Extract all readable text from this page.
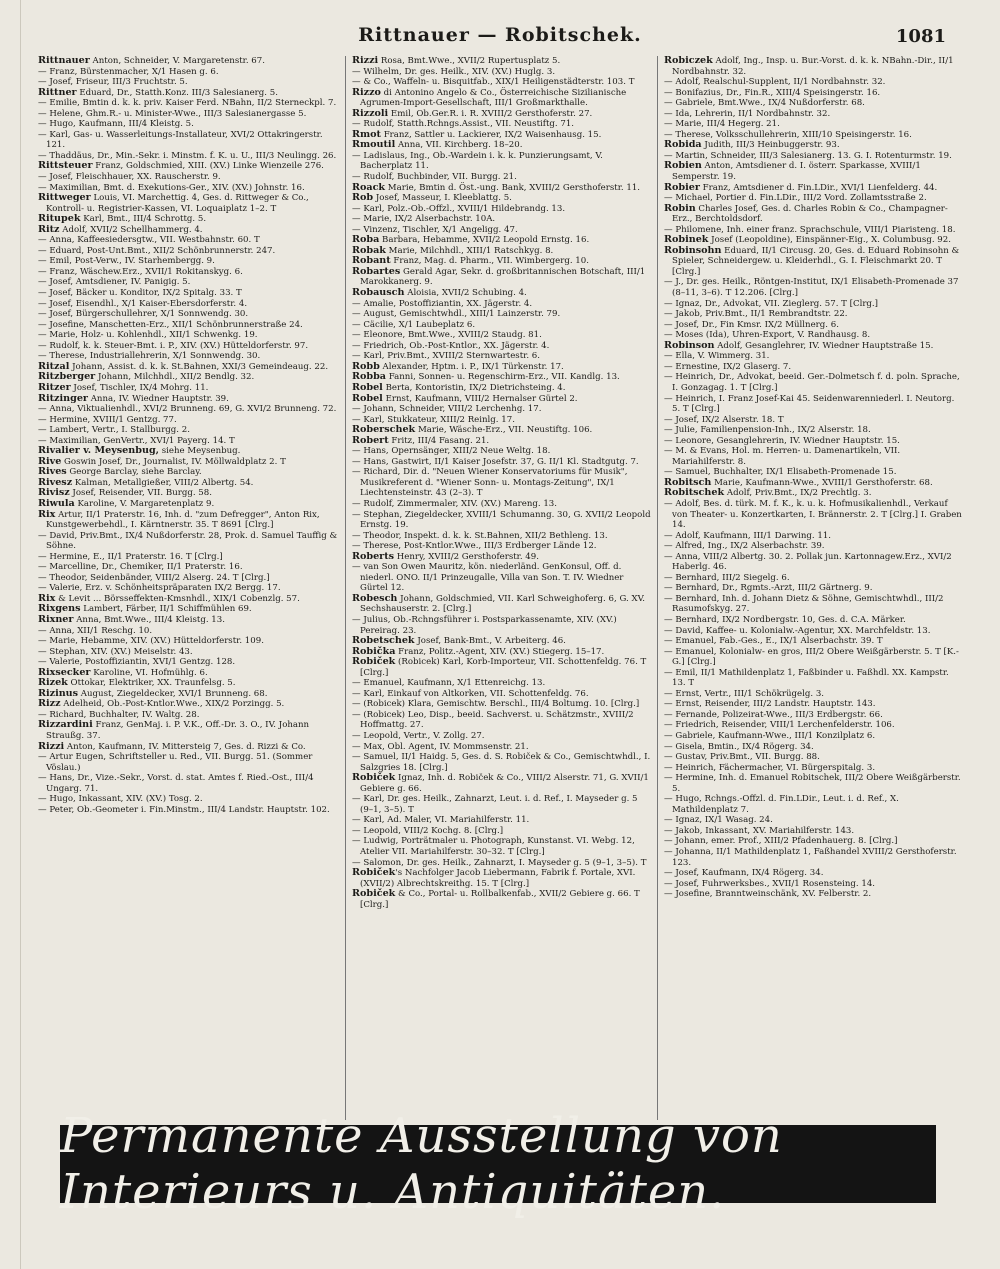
Rittnauer — Robitschek.	1081
Rittnauer Anton, Schneider, V. Margaretenstr. 67.
— Franz, Bürstenmacher, X/1 Hasen g. 6.
— Josef, Friseur, III/3 Fruchtstr. 5.
Rittner Eduard, Dr., Statth.Konz. III/3 Salesianerg. 5.
— Emilie, Bmtin d. k. k. priv. Kaiser Ferd. NBahn, II/2 Sterneckpl. 7.
— Helene, Ghm.R.- u. Minister-Wwe., III/3 Salesianergasse 5.
— Hugo, Kaufmann, III/4 Kleistg. 5.
— Karl, Gas- u. Wasserleitungs-Installateur, XVI/2 Ottakringerstr. 121.
— Thaddäus, Dr., Min.-Sekr. i. Minstm. f. K. u. U., III/3 Neulingg. 26.
Rittsteuer Franz, Goldschmied, XIII. (XV.) Linke Wienzeile 276.
— Josef, Fleischhauer, XX. Rauscherstr. 9.
— Maximilian, Bmt. d. Exekutions-Ger., XIV. (XV.) Johnstr. 16.
Rittweger Louis, VI. Marchettig. 4, Ges. d. Rittweger & Co., Kontroll- u. Registrier-Kassen, VI. Loquaiplatz 1–2. T
Ritupek Karl, Bmt., III/4 Schrottg. 5.
Ritz Adolf, XVII/2 Schellhammerg. 4.
— Anna, Kaffeesiedersgtw., VII. Westbahnstr. 60. T
— Eduard, Post-Unt.Bmt., XII/2 Schönbrunnerstr. 247.
— Emil, Post-Verw., IV. Starhembergg. 9.
— Franz, Wäschew.Erz., XVII/1 Rokitanskyg. 6.
— Josef, Amtsdiener, IV. Panigig. 5.
— Josef, Bäcker u. Konditor, IX/2 Spitalg. 33. T
— Josef, Eisendhl., X/1 Kaiser-Ebersdorferstr. 4.
— Josef, Bürgerschullehrer, X/1 Sonnwendg. 30.
— Josefine, Manschetten-Erz., XII/1 Schönbrunnerstraße 24.
— Marie, Holz- u. Kohlenhdl., XII/1 Schwenkg. 19.
— Rudolf, k. k. Steuer-Bmt. i. P., XIV. (XV.) Hütteldorferstr. 97.
— Therese, Industriallehrerin, X/1 Sonnwendg. 30.
Ritzal Johann, Assist. d. k. k. St.Bahnen, XXI/3 Gemeindeaug. 22.
Ritzberger Johann, Milchhdl., XII/2 Bendlg. 32.
Ritzer Josef, Tischler, IX/4 Mohrg. 11.
Ritzinger Anna, IV. Wiedner Hauptstr. 39.
— Anna, Viktualienhdl., XVI/2 Brunneng. 69, G. XVI/2 Brunneng. 72.
— Hermine, XVIII/1 Gentzg. 77.
— Lambert, Vertr., I. Stallburgg. 2.
— Maximilian, GenVertr., XVI/1 Payerg. 14. T
Rivalier v. Meysenbug, siehe Meysenbug.
Rive Goswin Josef, Dr., Journalist, IV. Möllwaldplatz 2. T
Rives George Barclay, siehe Barclay.
Rivesz Kalman, Metallgießer, VIII/2 Albertg. 54.
Rivisz Josef, Reisender, VII. Burgg. 58.
Riwula Karoline, V. Margaretenplatz 9.
Rix Artur, II/1 Praterstr. 16, Inh. d. "zum Defregger", Anton Rix, Kunstgewerbehdl., I. Kärntnerstr. 35. T 8691 [Clrg.]
— David, Priv.Bmt., IX/4 Nußdorferstr. 28, Prok. d. Samuel Tauffig & Söhne.
— Hermine, E., II/1 Praterstr. 16. T [Clrg.]
— Marcelline, Dr., Chemiker, II/1 Praterstr. 16.
— Theodor, Seidenbänder, VIII/2 Alserg. 24. T [Clrg.]
— Valerie, Erz. v. Schönheitspräparaten IX/2 Bergg. 17.
Rix & Levit ... Börsseffekten-Kmsnhdl., XIX/1 Cobenzlg. 57.
Rixgens Lambert, Färber, II/1 Schiffmühlen 69.
Rixner Anna, Bmt.Wwe., III/4 Kleistg. 13.
— Anna, XII/1 Reschg. 10.
— Marie, Hebamme, XIV. (XV.) Hütteldorferstr. 109.
— Stephan, XIV. (XV.) Meiselstr. 43.
— Valerie, Postoffiziantin, XVI/1 Gentzg. 128.
Rixsecker Karoline, VI. Hofmühlg. 6.
Rizek Ottokar, Elektriker, XX. Traunfelsg. 5.
Rizinus August, Ziegeldecker, XVI/1 Brunneng. 68.
Rizz Adelheid, Ob.-Post-Kntlor.Wwe., XIX/2 Porzingg. 5.
— Richard, Buchhalter, IV. Waltg. 28.
Rizzardini Franz, GenMaj. i. P. V.K., Off.-Dr. 3. O., IV. Johann Straußg. 37.
Rizzi Anton, Kaufmann, IV. Mittersteig 7, Ges. d. Rizzi & Co.
— Artur Eugen, Schriftsteller u. Red., VII. Burgg. 51. (Sommer Vöslau.)
— Hans, Dr., Vize.-Sekr., Vorst. d. stat. Amtes f. Ried.-Ost., III/4 Ungarg. 71.
— Hugo, Inkassant, XIV. (XV.) Tosg. 2.
— Peter, Ob.-Geometer i. Fin.Minstm., III/4 Landstr. Hauptstr. 102.
Rizzi Rosa, Bmt.Wwe., XVII/2 Rupertusplatz 5.
— Wilhelm, Dr. ges. Heilk., XIV. (XV.) Huglg. 3.
— & Co., Waffeln- u. Bisquitfab., XIX/1 Heiligenstädterstr. 103. T
Rizzo di Antonino Angelo & Co., Österreichische Sizilianische Agrumen-Import-Gesellschaft, III/1 Großmarkthalle.
Rizzoli Emil, Ob.Ger.R. i. R. XVIII/2 Gersthoferstr. 27.
— Rudolf, Statth.Rchngs.Assist., VII. Neustiftg. 71.
Rmot Franz, Sattler u. Lackierer, IX/2 Waisenhausg. 15.
Rmoutil Anna, VII. Kirchberg. 18–20.
— Ladislaus, Ing., Ob.-Wardein i. k. k. Punzierungsamt, V. Bacherplatz 11.
— Rudolf, Buchbinder, VII. Burgg. 21.
Roack Marie, Bmtin d. Öst.-ung. Bank, XVIII/2 Gersthoferstr. 11.
Rob Josef, Masseur, I. Kleeblattg. 5.
— Karl, Polz.-Ob.-Offzl., XVIII/1 Hildebrandg. 13.
— Marie, IX/2 Alserbachstr. 10A.
— Vinzenz, Tischler, X/1 Angeligg. 47.
Roba Barbara, Hebamme, XVII/2 Leopold Ernstg. 16.
Robak Marie, Milchhdl., XIII/1 Ratschkyg. 8.
Robant Franz, Mag. d. Pharm., VII. Wimbergerg. 10.
Robartes Gerald Agar, Sekr. d. großbritannischen Botschaft, III/1 Marokkanerg. 9.
Robausch Aloisia, XVII/2 Schubing. 4.
— Amalie, Postoffiziantin, XX. Jägerstr. 4.
— August, Gemischtwhdl., XIII/1 Lainzerstr. 79.
— Cäcilie, X/1 Laubeplatz 6.
— Eleonore, Bmt.Wwe., XVIII/2 Staudg. 81.
— Friedrich, Ob.-Post-Kntlor., XX. Jägerstr. 4.
— Karl, Priv.Bmt., XVIII/2 Sternwartestr. 6.
Robb Alexander, Hptm. i. P., IX/1 Türkenstr. 17.
Robba Fanni, Sonnen- u. Regenschirm-Erz., VII. Kandlg. 13.
Robel Berta, Kontoristin, IX/2 Dietrichsteing. 4.
Robel Ernst, Kaufmann, VIII/2 Hernalser Gürtel 2.
— Johann, Schneider, VIII/2 Lerchenhg. 17.
— Karl, Stukkateur, XIII/2 Reinlg. 17.
Roberschek Marie, Wäsche-Erz., VII. Neustiftg. 106.
Robert Fritz, III/4 Fasang. 21.
— Hans, Opernsänger, XIII/2 Neue Weltg. 18.
— Hans, Gastwirt, II/1 Kaiser Josefstr. 37, G. II/1 Kl. Stadtgutg. 7.
— Richard, Dir. d. "Neuen Wiener Konservatoriums für Musik", Musikreferent d. "Wiener Sonn- u. Montags-Zeitung", IX/1 Liechtensteinstr. 43 (2–3). T
— Rudolf, Zimmermaler, XIV. (XV.) Mareng. 13.
— Stephan, Ziegeldecker, XVIII/1 Schumanng. 30, G. XVII/2 Leopold Ernstg. 19.
— Theodor, Inspekt. d. k. k. St.Bahnen, XII/2 Bethleng. 13.
— Therese, Post-Kntlor.Wwe., III/3 Erdberger Lände 12.
Roberts Henry, XVIII/2 Gersthoferstr. 49.
— van Son Owen Mauritz, kön. niederländ. GenKonsul, Off. d. niederl. ONO. II/1 Prinzeugalle, Villa van Son. T. IV. Wiedner Gürtel 12.
Robesch Johann, Goldschmied, VII. Karl Schweighoferg. 6, G. XV. Sechshauserstr. 2. [Clrg.]
— Julius, Ob.-Rchngsführer i. Postsparkassenamte, XIV. (XV.) Pereirag. 23.
Robetschek Josef, Bank-Bmt., V. Arbeiterg. 46.
Robička Franz, Politz.-Agent, XIV. (XV.) Stiegerg. 15–17.
Robiček (Robicek) Karl, Korb-Importeur, VII. Schottenfeldg. 76. T [Clrg.]
— Emanuel, Kaufmann, X/1 Ettenreichg. 13.
— Karl, Einkauf von Altkorken, VII. Schottenfeldg. 76.
— (Robicek) Klara, Gemischtw. Berschl., III/4 Boltumg. 10. [Clrg.]
— (Robicek) Leo, Disp., beeid. Sachverst. u. Schätzmstr., XVIII/2 Hoffmattg. 27.
— Leopold, Vertr., V. Zollg. 27.
— Max, Obl. Agent, IV. Mommsenstr. 21.
— Samuel, II/1 Haidg. 5, Ges. d. S. Robiček & Co., Gemischtwhdl., I. Salzgries 18. [Clrg.]
Robiček Ignaz, Inh. d. Robiček & Co., VIII/2 Alserstr. 71, G. XVII/1 Gebiere g. 66.
— Karl, Dr. ges. Heilk., Zahnarzt, Leut. i. d. Ref., I. Mayseder g. 5 (9–1, 3–5). T
— Karl, Ad. Maler, VI. Mariahilferstr. 11.
— Leopold, VIII/2 Kochg. 8. [Clrg.]
— Ludwig, Porträtmaler u. Photograph, Kunstanst. VI. Webg. 12, Atelier VII. Mariahilferstr. 30–32. T [Clrg.]
— Salomon, Dr. ges. Heilk., Zahnarzt, I. Mayseder g. 5 (9–1, 3–5). T
Robiček's Nachfolger Jacob Liebermann, Fabrik f. Portale, XVI. (XVII/2) Albrechtskreithg. 15. T [Clrg.]
Robiček & Co., Portal- u. Rollbalkenfab., XVII/2 Gebiere g. 66. T [Clrg.]
Robiczek Adolf, Ing., Insp. u. Bur.-Vorst. d. k. k. NBahn.-Dir., II/1 Nordbahnstr. 32.
— Adolf, Realschul-Supplent, II/1 Nordbahnstr. 32.
— Bonifazius, Dr., Fin.R., XIII/4 Speisingerstr. 16.
— Gabriele, Bmt.Wwe., IX/4 Nußdorferstr. 68.
— Ida, Lehrerin, II/1 Nordbahnstr. 32.
— Marie, III/4 Hegerg. 21.
— Therese, Volksschullehrerin, XIII/10 Speisingerstr. 16.
Robida Judith, III/3 Heinbuggerstr. 93.
— Martin, Schneider, III/3 Salesianerg. 13. G. I. Rotenturmstr. 19.
Robien Anton, Amtsdiener d. I. österr. Sparkasse, XVIII/1 Semperstr. 19.
Robier Franz, Amtsdiener d. Fin.LDir., XVI/1 Lienfelderg. 44.
— Michael, Portier d. Fin.LDir., III/2 Vord. Zollamtsstraße 2.
Robin Charles Josef, Ges. d. Charles Robin & Co., Champagner-Erz., Berchtoldsdorf.
— Philomene, Inh. einer franz. Sprachschule, VIII/1 Piaristeng. 18.
Robinek Josef (Leopoldine), Einspänner-Eig., X. Columbusg. 92.
Robinsohn Eduard, II/1 Circusg. 20, Ges. d. Eduard Robinsohn & Spieler, Schneidergew. u. Kleiderhdl., G. I. Fleischmarkt 20. T [Clrg.]
— J., Dr. ges. Heilk., Röntgen-Institut, IX/1 Elisabeth-Promenade 37 (8–11, 3–6). T 12.206. [Clrg.]
— Ignaz, Dr., Advokat, VII. Zieglerg. 57. T [Clrg.]
— Jakob, Priv.Bmt., II/1 Rembrandtstr. 22.
— Josef, Dr., Fin Kmsr. IX/2 Müllnerg. 6.
— Moses (Ida), Uhren-Export, V. Randhausg. 8.
Robinson Adolf, Gesanglehrer, IV. Wiedner Hauptstraße 15.
— Ella, V. Wimmerg. 31.
— Ernestine, IX/2 Glaserg. 7.
— Heinrich, Dr., Advokat, beeid. Ger.-Dolmetsch f. d. poln. Sprache, I. Gonzagag. 1. T [Clrg.]
— Heinrich, I. Franz Josef-Kai 45. Seidenwarenniederl. I. Neutorg. 5. T [Clrg.]
— Josef, IX/2 Alserstr. 18. T
— Julie, Familienpension-Inh., IX/2 Alserstr. 18.
— Leonore, Gesanglehrerin, IV. Wiedner Hauptstr. 15.
— M. & Evans, Hol. m. Herren- u. Damenartikeln, VII. Mariahilferstr. 8.
— Samuel, Buchhalter, IX/1 Elisabeth-Promenade 15.
Robitsch Marie, Kaufmann-Wwe., XVIII/1 Gersthoferstr. 68.
Robitschek Adolf, Priv.Bmt., IX/2 Prechtlg. 3.
— Adolf, Bes. d. türk. M. f. K., k. u. k. Hofmusikalienhdl., Verkauf von Theater- u. Konzertkarten, I. Brännerstr. 2. T [Clrg.] I. Graben 14.
— Adolf, Kaufmann, III/1 Darwing. 11.
— Alfred, Ing., IX/2 Alserbachstr. 39.
— Anna, VIII/2 Albertg. 30. 2. Pollak jun. Kartonnagew.Erz., XVI/2 Haberlg. 46.
— Bernhard, III/2 Siegelg. 6.
— Bernhard, Dr., Rgmts.-Arzt, III/2 Gärtnerg. 9.
— Bernhard, Inh. d. Johann Dietz & Söhne, Gemischtwhdl., III/2 Rasumofskyg. 27.
— Bernhard, IX/2 Nordbergstr. 10, Ges. d. C.A. Märker.
— David, Kaffee- u. Kolonialw.-Agentur, XX. Marchfeldstr. 13.
— Emanuel, Fab.-Ges., E., IX/1 Alserbachstr. 39. T
— Emanuel, Kolonialw- en gros, III/2 Obere Weißgärberstr. 5. T [K.-G.] [Clrg.]
— Emil, II/1 Mathildenplatz 1, Faßbinder u. Faßhdl. XX. Kampstr. 13. T
— Ernst, Vertr., III/1 Schökrügelg. 3.
— Ernst, Reisender, III/2 Landstr. Hauptstr. 143.
— Fernande, Polizeirat-Wwe., III/3 Erdbergstr. 66.
— Friedrich, Reisender, VIII/1 Lerchenfelderstr. 106.
— Gabriele, Kaufmann-Wwe., III/1 Konzilplatz 6.
— Gisela, Bmtin., IX/4 Rögerg. 34.
— Gustav, Priv.Bmt., VII. Burgg. 88.
— Heinrich, Fächermacher, VI. Bürgerspitalg. 3.
— Hermine, Inh. d. Emanuel Robitschek, III/2 Obere Weißgärberstr. 5.
— Hugo, Rchngs.-Offzl. d. Fin.LDir., Leut. i. d. Ref., X. Mathildenplatz 7.
— Ignaz, IX/1 Wasag. 24.
— Jakob, Inkassant, XV. Mariahilferstr. 143.
— Johann, emer. Prof., XIII/2 Pfadenhauerg. 8. [Clrg.]
— Johanna, II/1 Mathildenplatz 1, Faßhandel XVIII/2 Gersthoferstr. 123.
— Josef, Kaufmann, IX/4 Rögerg. 34.
— Josef, Fuhrwerksbes., XVII/1 Rosensteing. 14.
— Josefine, Branntweinschänk, XV. Felberstr. 2.
Permanente Ausstellung von Interieurs u. Antiquitäten.
